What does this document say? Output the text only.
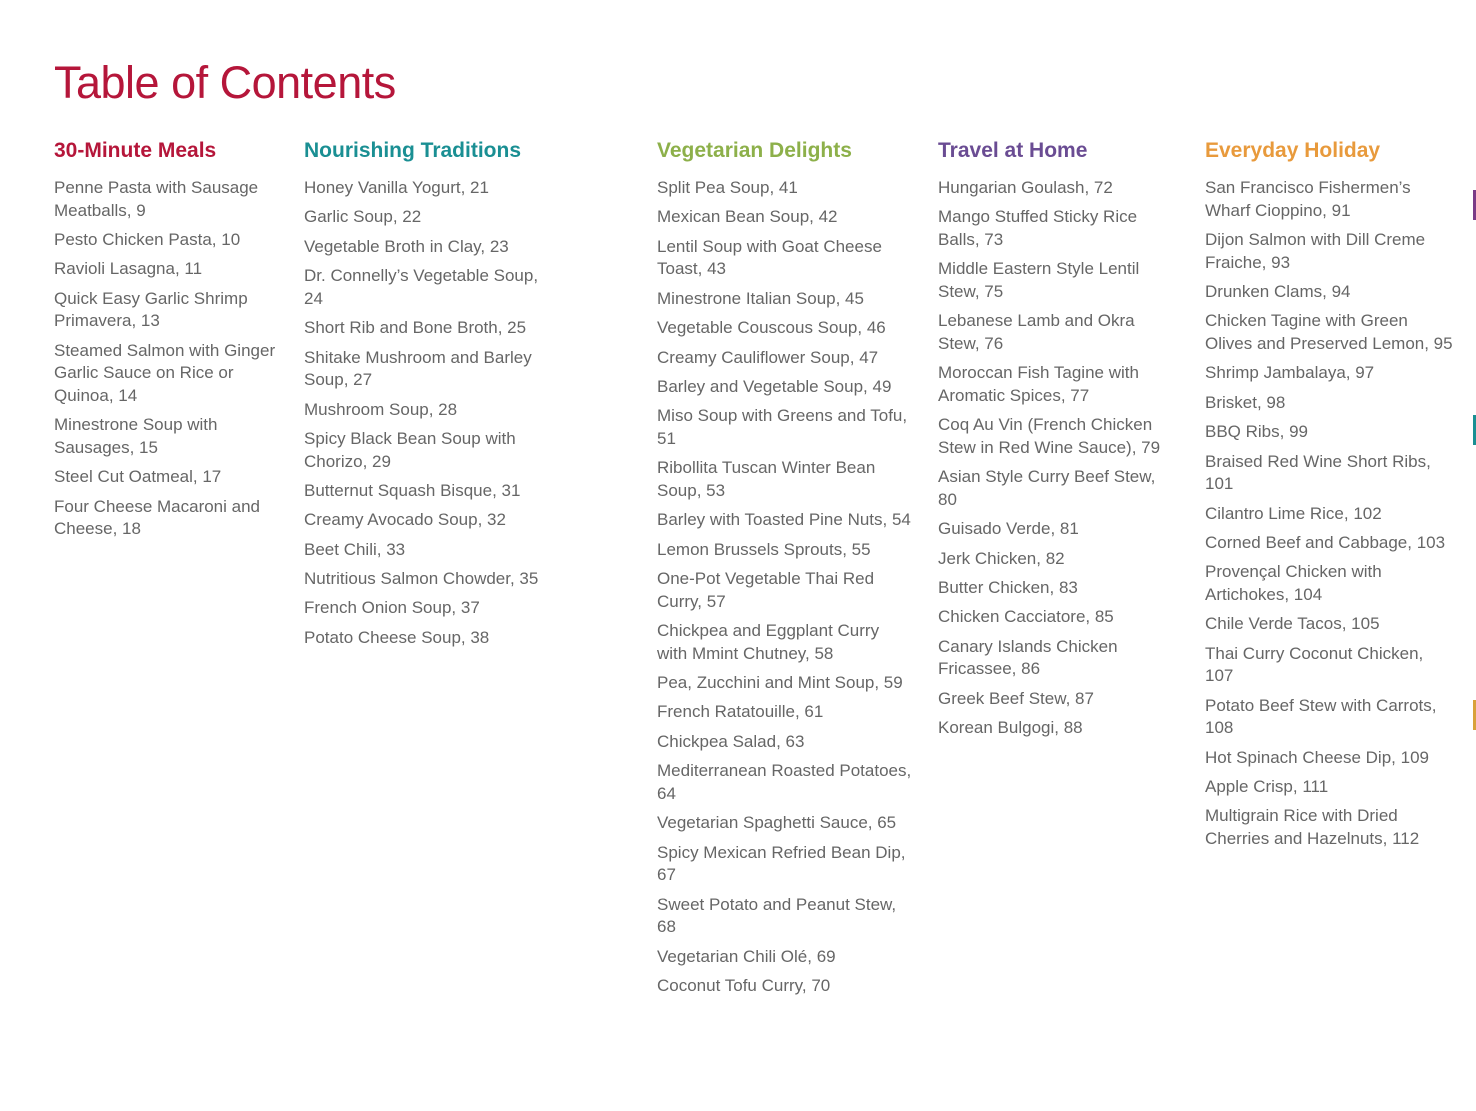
Table of Contents
30-Minute Meals
Penne Pasta with Sausage Meatballs, 9
Pesto Chicken Pasta, 10
Ravioli Lasagna, 11
Quick Easy Garlic Shrimp Primavera, 13
Steamed Salmon with Ginger Garlic Sauce on Rice or Quinoa, 14
Minestrone Soup with Sausages, 15
Steel Cut Oatmeal, 17
Four Cheese Macaroni and Cheese, 18
Nourishing Traditions
Honey Vanilla Yogurt, 21
Garlic Soup, 22
Vegetable Broth in Clay, 23
Dr. Connelly’s Vegetable Soup, 24
Short Rib and Bone Broth, 25
Shitake Mushroom and Barley Soup, 27
Mushroom Soup, 28
Spicy Black Bean Soup with Chorizo, 29
Butternut Squash Bisque, 31
Creamy Avocado Soup, 32
Beet Chili, 33
Nutritious Salmon Chowder, 35
French Onion Soup, 37
Potato Cheese Soup, 38
Vegetarian Delights
Split Pea Soup, 41
Mexican Bean Soup, 42
Lentil Soup with Goat Cheese Toast, 43
Minestrone Italian Soup, 45
Vegetable Couscous Soup, 46
Creamy Cauliflower Soup, 47
Barley and Vegetable Soup, 49
Miso Soup with Greens and Tofu, 51
Ribollita Tuscan Winter Bean Soup, 53
Barley with Toasted Pine Nuts, 54
Lemon Brussels Sprouts, 55
One-Pot Vegetable Thai Red Curry, 57
Chickpea and Eggplant Curry with Mmint Chutney, 58
Pea, Zucchini and Mint Soup, 59
French Ratatouille, 61
Chickpea Salad, 63
Mediterranean Roasted Potatoes, 64
Vegetarian Spaghetti Sauce, 65
Spicy Mexican Refried Bean Dip, 67
Sweet Potato and Peanut Stew, 68
Vegetarian Chili Olé, 69
Coconut Tofu Curry, 70
Travel at Home
Hungarian Goulash, 72
Mango Stuffed Sticky Rice Balls, 73
Middle Eastern Style Lentil Stew, 75
Lebanese Lamb and Okra Stew, 76
Moroccan Fish Tagine with Aromatic Spices, 77
Coq Au Vin (French Chicken Stew in Red Wine Sauce), 79
Asian Style Curry Beef Stew, 80
Guisado Verde, 81
Jerk Chicken, 82
Butter Chicken, 83
Chicken Cacciatore, 85
Canary Islands Chicken Fricassee, 86
Greek Beef Stew, 87
Korean Bulgogi, 88
Everyday Holiday
San Francisco Fishermen’s Wharf Cioppino, 91
Dijon Salmon with Dill Creme Fraiche, 93
Drunken Clams, 94
Chicken Tagine with Green Olives and Preserved Lemon, 95
Shrimp Jambalaya, 97
Brisket, 98
BBQ Ribs, 99
Braised Red Wine Short Ribs, 101
Cilantro Lime Rice, 102
Corned Beef and Cabbage, 103
Provençal Chicken with Artichokes, 104
Chile Verde Tacos, 105
Thai Curry Coconut Chicken, 107
Potato Beef Stew with Carrots, 108
Hot Spinach Cheese Dip, 109
Apple Crisp, 111
Multigrain Rice with Dried Cherries and Hazelnuts, 112
